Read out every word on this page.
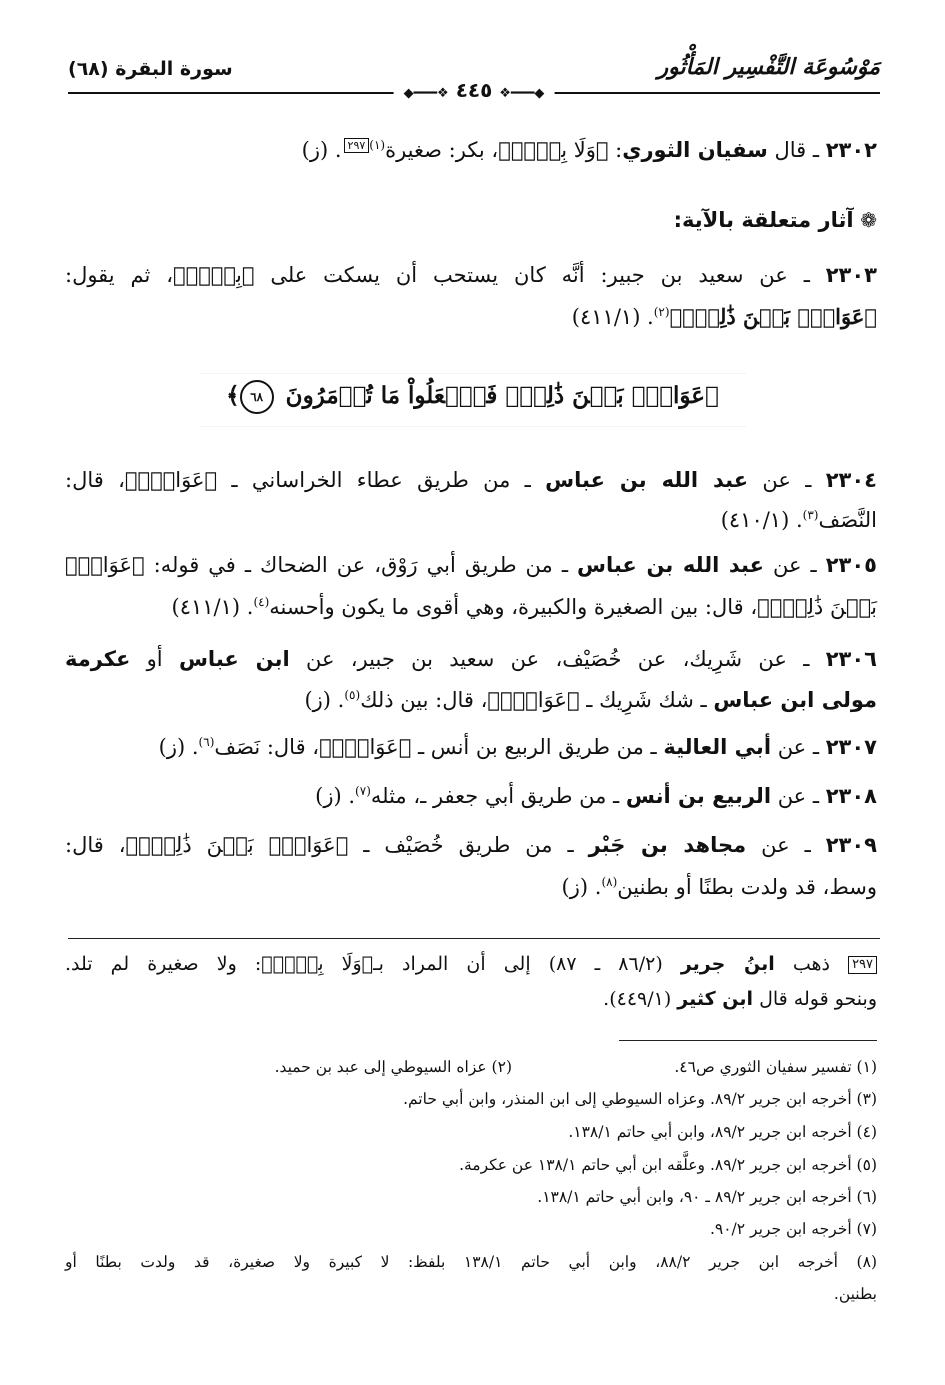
سورة البقرة (٦٨)	مَوْسُوعَة التَّفْسِير المَأْثُور
◆━━━❖ ٤٤٥ ❖━━━◆

٢٣٠٢ ـ قال سفيان الثوري: ﴿وَلَا بِكۡرٞ﴾، بكر: صغيرة$^{(١)}$٢٩٧. (ز)

❁ آثار متعلقة بالآية:

٢٣٠٣ ـ عن سعيد بن جبير: أنَّه كان يستحب أن يسكت على ﴿بِكۡرٞ﴾، ثم يقول:

﴿عَوَانُۢ بَيۡنَ ذَٰلِكَۖ﴾$^{(٢)}$. (٤١١/١)

﴿عَوَانُۢ بَيۡنَ ذَٰلِكَۖ فَٱفۡعَلُواْ مَا تُؤۡمَرُونَ ٦٨﴾

٢٣٠٤ ـ عن عبد الله بن عباس ـ من طريق عطاء الخراساني ـ ﴿عَوَانُۢ﴾، قال:

النَّصَف$^{(٣)}$. (٤١٠/١)

٢٣٠٥ ـ عن عبد الله بن عباس ـ من طريق أبي رَوْق، عن الضحاك ـ في قوله: ﴿عَوَانُۢ

بَيۡنَ ذَٰلِكَۖ﴾، قال: بين الصغيرة والكبيرة، وهي أقوى ما يكون وأحسنه$^{(٤)}$. (٤١١/١)

٢٣٠٦ ـ عن شَرِيك، عن خُصَيْف، عن سعيد بن جبير، عن ابن عباس أو عكرمة

مولى ابن عباس ـ شك شَرِيك ـ ﴿عَوَانُۢ﴾، قال: بين ذلك$^{(٥)}$. (ز)

٢٣٠٧ ـ عن أبي العالية ـ من طريق الربيع بن أنس ـ ﴿عَوَانُۢ﴾، قال: نَصَف$^{(٦)}$. (ز)

٢٣٠٨ ـ عن الربيع بن أنس ـ من طريق أبي جعفر ـ، مثله$^{(٧)}$. (ز)

٢٣٠٩ ـ عن مجاهد بن جَبْر ـ من طريق خُصَيْف ـ ﴿عَوَانُۢ بَيۡنَ ذَٰلِكَۖ﴾، قال:

وسط، قد ولدت بطنًا أو بطنين$^{(٨)}$. (ز)

٢٩٧ ذهب ابنُ جرير (٨٦/٢ ـ ٨٧) إلى أن المراد بـ﴿وَلَا بِكۡرٞ﴾: ولا صغيرة لم تلد.

وبنحو قوله قال ابن كثير (٤٤٩/١).

(١) تفسير سفيان الثوري ص٤٦.
(٢) عزاه السيوطي إلى عبد بن حميد.

(٣) أخرجه ابن جرير ٨٩/٢. وعزاه السيوطي إلى ابن المنذر، وابن أبي حاتم.

(٤) أخرجه ابن جرير ٨٩/٢، وابن أبي حاتم ١٣٨/١.

(٥) أخرجه ابن جرير ٨٩/٢. وعلَّقه ابن أبي حاتم ١٣٨/١ عن عكرمة.

(٦) أخرجه ابن جرير ٨٩/٢ ـ ٩٠، وابن أبي حاتم ١٣٨/١.

(٧) أخرجه ابن جرير ٩٠/٢.

(٨) أخرجه ابن جرير ٨٨/٢، وابن أبي حاتم ١٣٨/١ بلفظ: لا كبيرة ولا صغيرة، قد ولدت بطنًا أو

بطنين.
